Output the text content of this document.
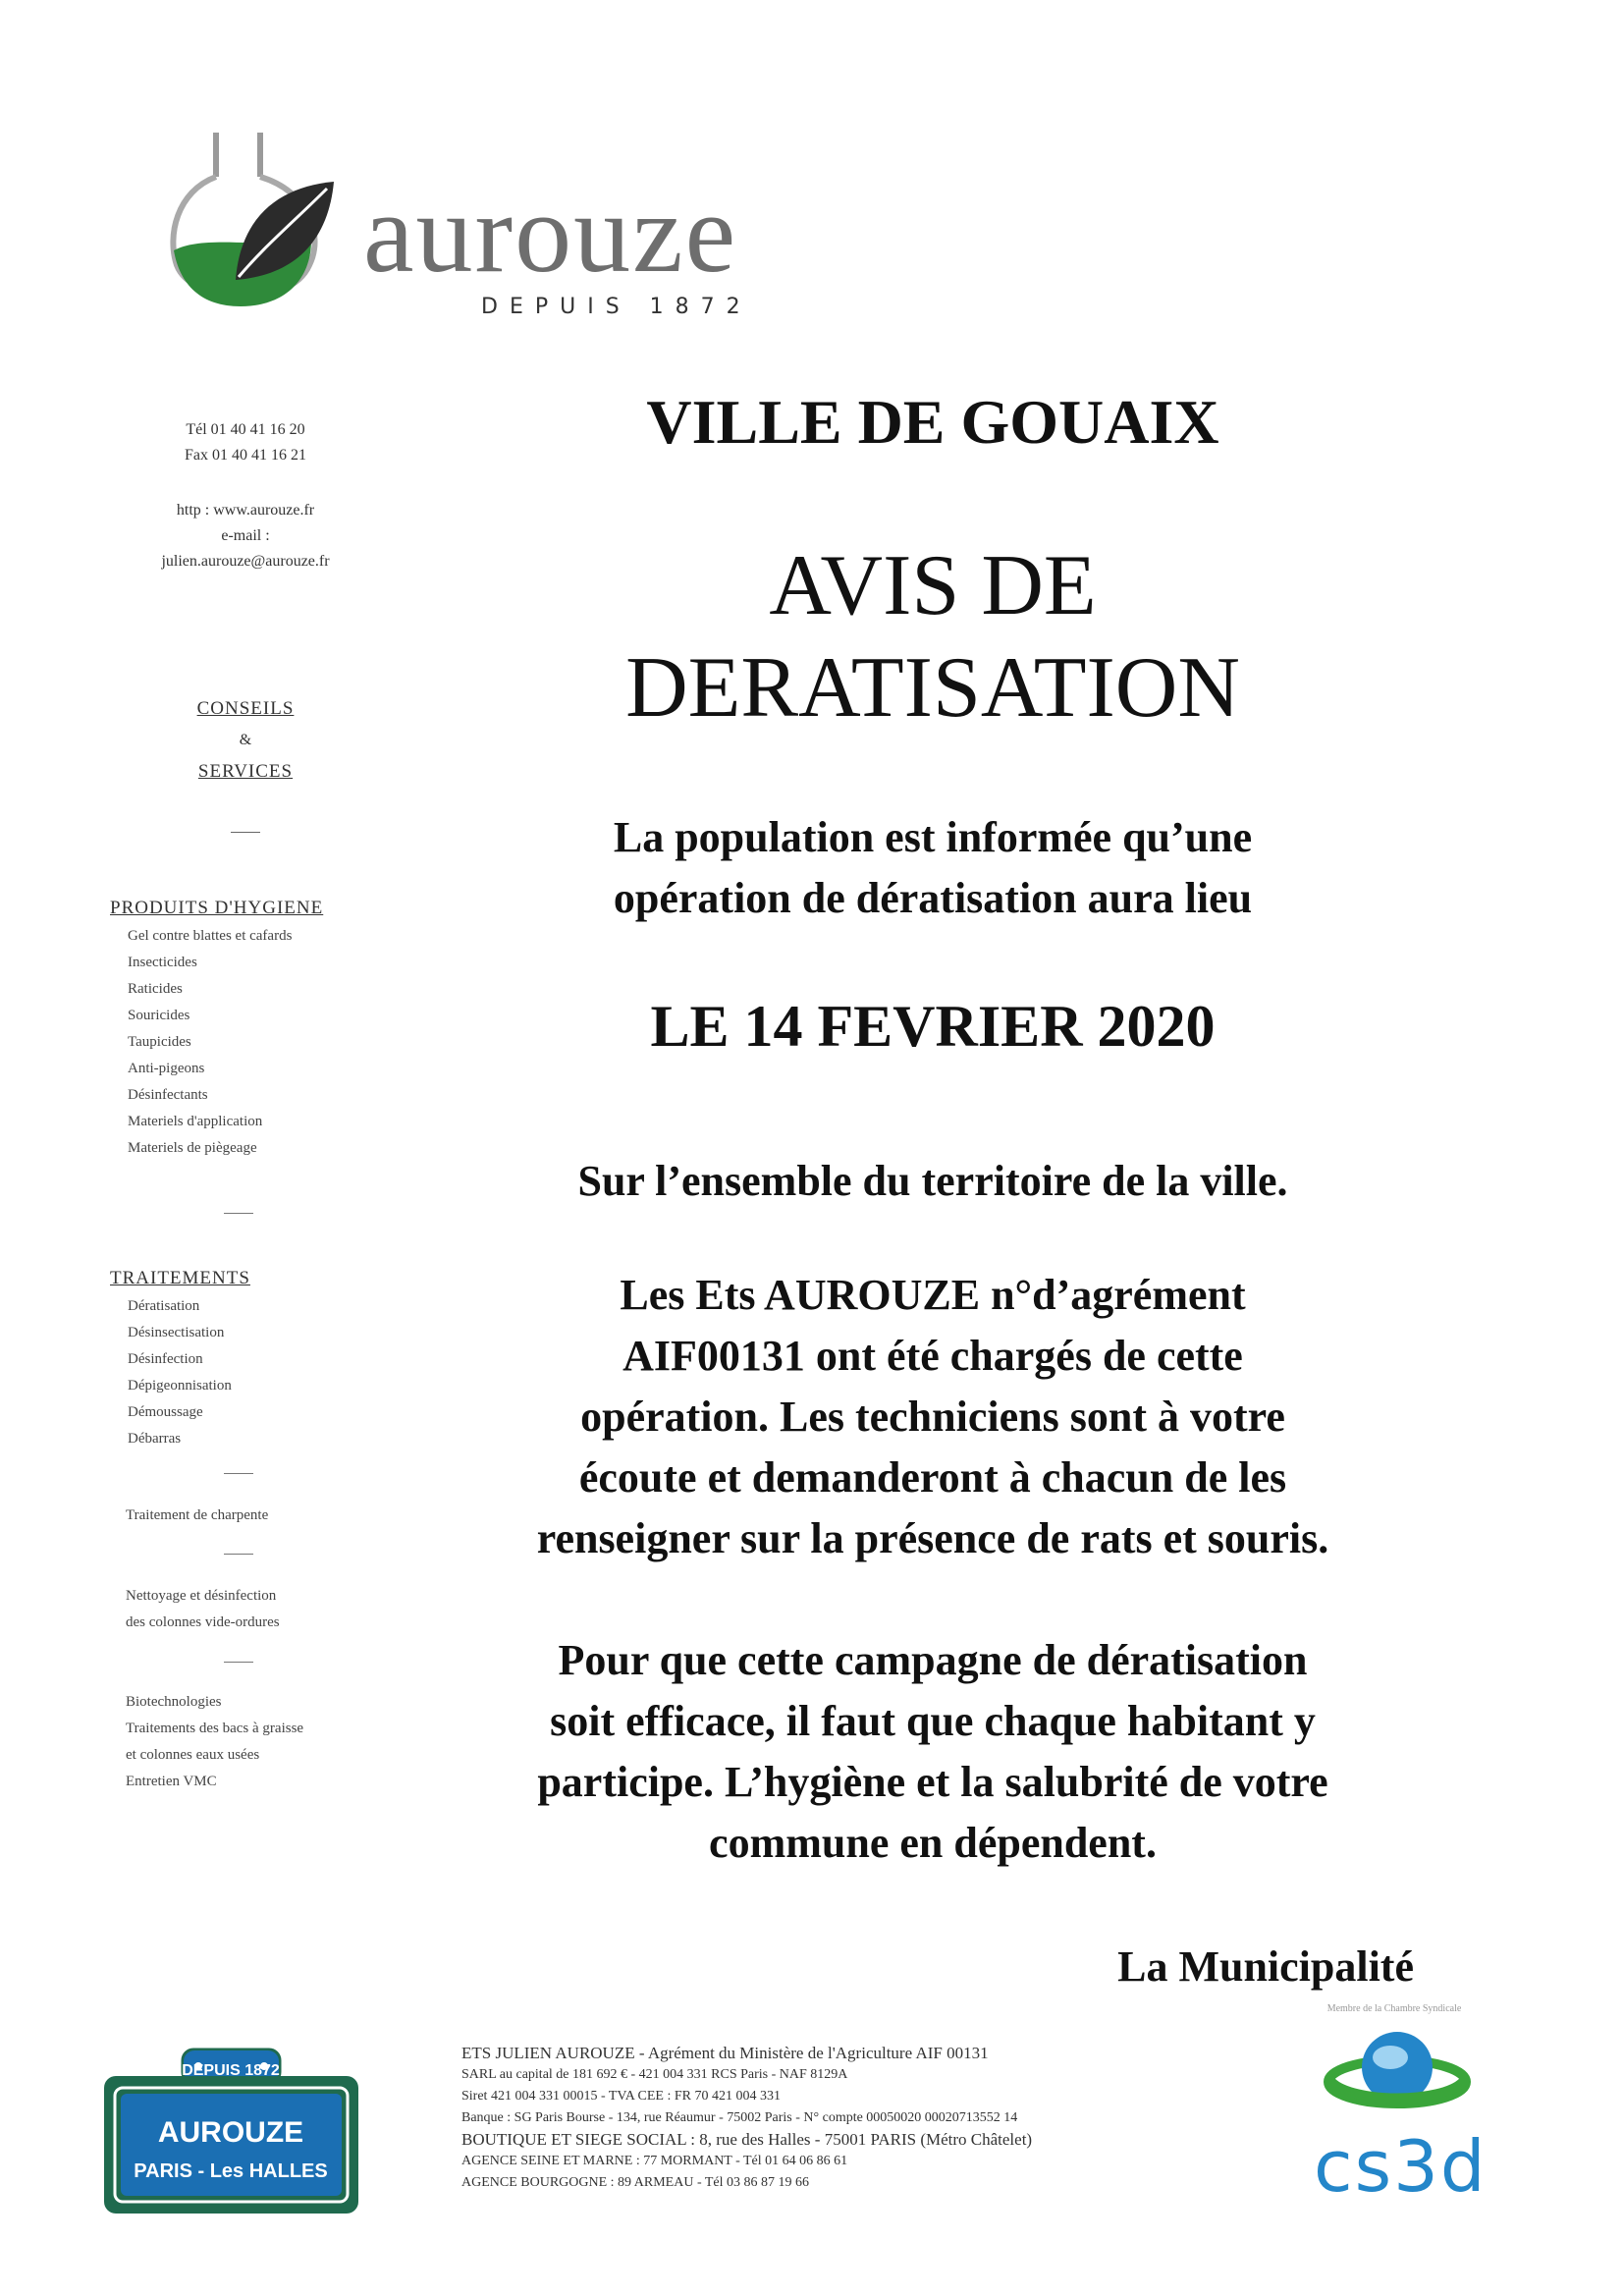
aurouze
DEPUIS 1872
Tél 01 40 41 16 20
Fax 01 40 41 16 21
http : www.aurouze.fr
e-mail :
julien.aurouze@aurouze.fr
CONSEILS
&
SERVICES
PRODUITS D'HYGIENE
Gel contre blattes et cafards
Insecticides
Raticides
Souricides
Taupicides
Anti-pigeons
Désinfectants
Materiels d'application
Materiels de piègeage
TRAITEMENTS
Dératisation
Désinsectisation
Désinfection
Dépigeonnisation
Démoussage
Débarras
Traitement de charpente
Nettoyage et désinfection
des colonnes vide-ordures
Biotechnologies
Traitements des bacs à graisse
et colonnes eaux usées
Entretien VMC
VILLE DE GOUAIX
AVIS DE
DERATISATION
La population est informée qu’une
opération de dératisation aura lieu
LE 14 FEVRIER 2020
Sur l’ensemble du territoire de la ville.
Les Ets AUROUZE n°d’agrément
AIF00131 ont été chargés de cette
opération. Les techniciens sont à votre
écoute et demanderont à chacun de les
renseigner sur la présence de rats et souris.
Pour que cette campagne de dératisation
soit efficace, il faut que chaque habitant y
participe. L’hygiène et la salubrité de votre
commune en dépendent.
La Municipalité
DEPUIS 1872
AUROUZE
PARIS - Les HALLES
ETS JULIEN AUROUZE - Agrément du Ministère de l'Agriculture AIF 00131
SARL au capital de 181 692 € - 421 004 331 RCS Paris - NAF 8129A
Siret 421 004 331 00015 - TVA CEE : FR 70 421 004 331
Banque : SG Paris Bourse - 134, rue Réaumur - 75002 Paris - N° compte 00050020 00020713552 14
BOUTIQUE ET SIEGE SOCIAL : 8, rue des Halles - 75001 PARIS (Métro Châtelet)
AGENCE SEINE ET MARNE : 77 MORMANT - Tél 01 64 06 86 61
AGENCE BOURGOGNE : 89 ARMEAU - Tél 03 86 87 19 66
Membre de la Chambre Syndicale
cs3d
